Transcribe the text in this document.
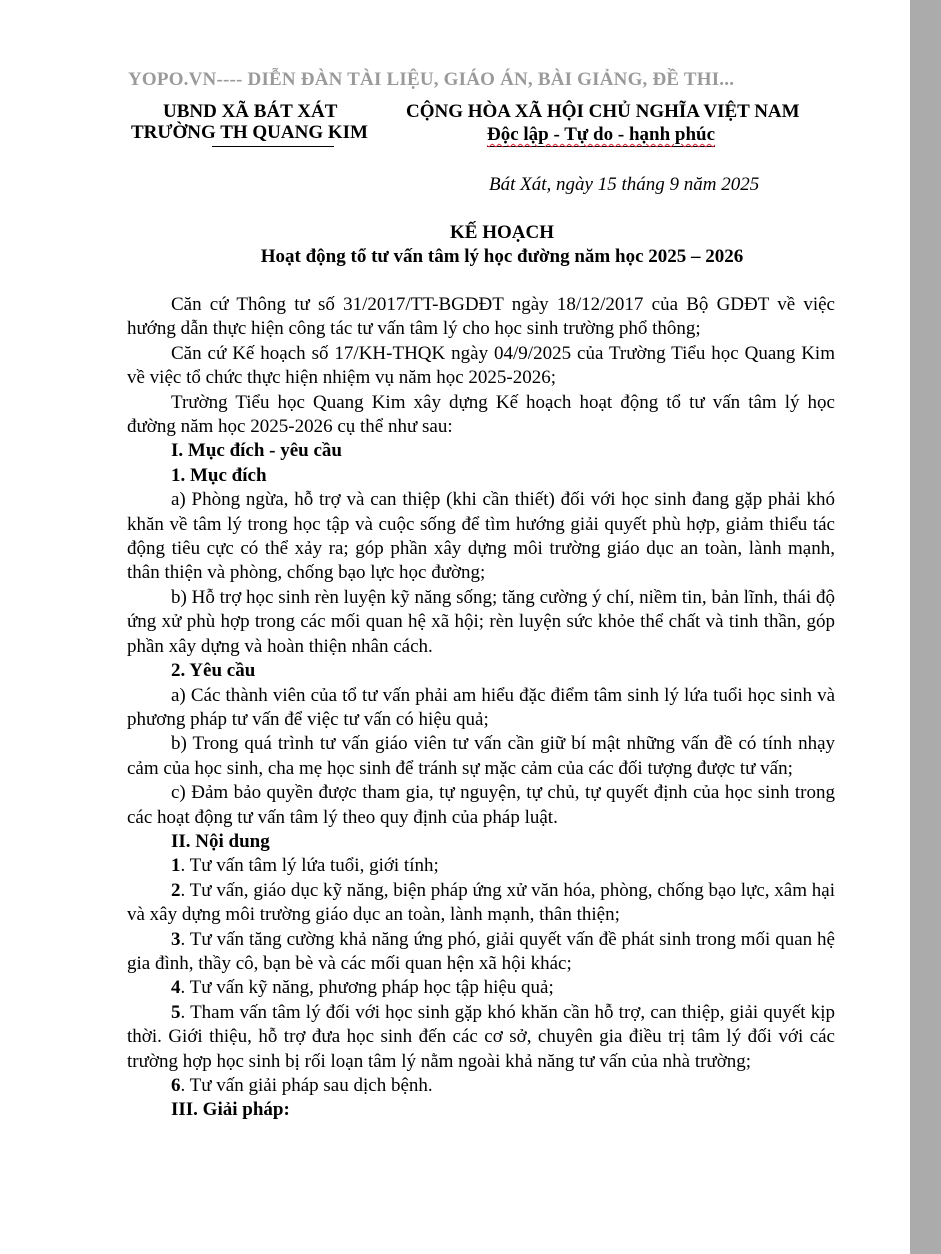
YOPO.VN---- DIỄN ĐÀN TÀI LIỆU, GIÁO ÁN, BÀI GIẢNG, ĐỀ THI...
UBND XÃ BÁT XÁT
TRƯỜNG TH QUANG KIM
CỘNG HÒA XÃ HỘI CHỦ NGHĨA VIỆT NAM
Độc lập - Tự do - hạnh phúc
Bát Xát, ngày 15 tháng 9 năm 2025
KẾ HOẠCH
Hoạt động tổ tư vấn tâm lý học đường năm học 2025 – 2026

Căn cứ Thông tư số 31/2017/TT-BGDĐT ngày 18/12/2017 của Bộ GDĐT về việc hướng dẫn thực hiện công tác tư vấn tâm lý cho học sinh trường phổ thông;

Căn cứ Kế hoạch số 17/KH-THQK ngày 04/9/2025 của Trường Tiểu học Quang Kim về việc tổ chức thực hiện nhiệm vụ năm học 2025-2026;

Trường Tiểu học Quang Kim xây dựng Kế hoạch hoạt động tổ tư vấn tâm lý học đường năm học 2025-2026 cụ thể như sau:

I. Mục đích - yêu cầu

1. Mục đích

a) Phòng ngừa, hỗ trợ và can thiệp (khi cần thiết) đối với học sinh đang gặp phải khó khăn về tâm lý trong học tập và cuộc sống để tìm hướng giải quyết phù hợp, giảm thiểu tác động tiêu cực có thể xảy ra; góp phần xây dựng môi trường giáo dục an toàn, lành mạnh, thân thiện và phòng, chống bạo lực học đường;

b) Hỗ trợ học sinh rèn luyện kỹ năng sống; tăng cường ý chí, niềm tin, bản lĩnh, thái độ ứng xử phù hợp trong các mối quan hệ xã hội; rèn luyện sức khỏe thể chất và tinh thần, góp phần xây dựng và hoàn thiện nhân cách.

2. Yêu cầu

a) Các thành viên của tổ tư vấn phải am hiểu đặc điểm tâm sinh lý lứa tuổi học sinh và phương pháp tư vấn để việc tư vấn có hiệu quả;

b) Trong quá trình tư vấn giáo viên tư vấn cần giữ bí mật những vấn đề có tính nhạy cảm của học sinh, cha mẹ học sinh để tránh sự mặc cảm của các đối tượng được tư vấn;

c) Đảm bảo quyền được tham gia, tự nguyện, tự chủ, tự quyết định của học sinh trong các hoạt động tư vấn tâm lý theo quy định của pháp luật.

II. Nội dung

1. Tư vấn tâm lý lứa tuổi, giới tính;

2. Tư vấn, giáo dục kỹ năng, biện pháp ứng xử văn hóa, phòng, chống bạo lực, xâm hại và xây dựng môi trường giáo dục an toàn, lành mạnh, thân thiện;

3. Tư vấn tăng cường khả năng ứng phó, giải quyết vấn đề phát sinh trong mối quan hệ gia đình, thầy cô, bạn bè và các mối quan hện xã hội khác;

4. Tư vấn kỹ năng, phương pháp học tập hiệu quả;

5. Tham vấn tâm lý đối với học sinh gặp khó khăn cần hỗ trợ, can thiệp, giải quyết kịp thời. Giới thiệu, hỗ trợ đưa học sinh đến các cơ sở, chuyên gia điều trị tâm lý đối với các trường hợp học sinh bị rối loạn tâm lý nằm ngoài khả năng tư vấn của nhà trường;

6. Tư vấn giải pháp sau dịch bệnh.

III. Giải pháp:
